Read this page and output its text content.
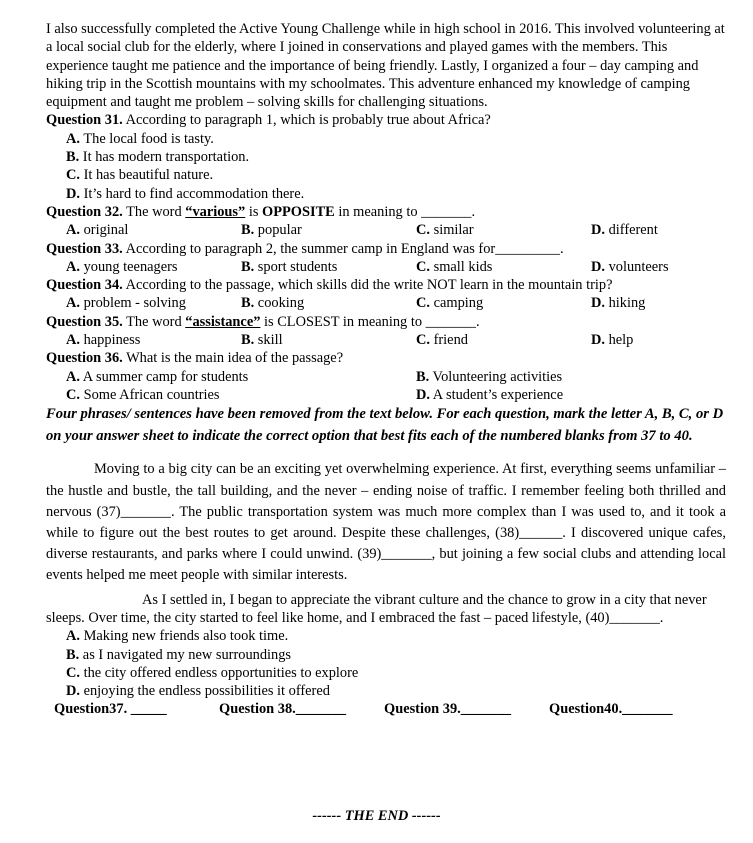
I also successfully completed the Active Young Challenge while in high school in 2016. This involved volunteering at a local social club for the elderly, where I joined in conservations and played games with the members. This experience taught me patience and the importance of being friendly. Lastly, I organized a four – day camping and hiking trip in the Scottish mountains with my schoolmates. This adventure enhanced my knowledge of camping equipment and taught me problem – solving skills for challenging situations.

Question 31. According to paragraph 1, which is probably true about Africa?

A. The local food is tasty.
B. It has modern transportation.
C. It has beautiful nature.
D. It’s hard to find accommodation there.

Question 32. The word “various” is OPPOSITE in meaning to _______.

A. original	B. popular	C. similar	D. different

Question 33. According to paragraph 2, the summer camp in England was for_________.

A. young teenagers	B. sport students	C. small kids	D. volunteers

Question 34. According to the passage, which skills did the write NOT learn in the mountain trip?

A. problem - solving	B. cooking	C. camping	D. hiking

Question 35. The word “assistance” is CLOSEST in meaning to _______.

A. happiness	B. skill	C. friend	D. help

Question 36. What is the main idea of the passage?

A. A summer camp for students	B. Volunteering activities
C. Some African countries	D. A student’s experience

Four phrases/ sentences have been removed from the text below. For each question, mark the letter A, B, C, or D on your answer sheet to indicate the correct option that best fits each of the numbered blanks from 37 to 40.

Moving to a big city can be an exciting yet overwhelming experience. At first, everything seems unfamiliar – the hustle and bustle, the tall building, and the never – ending noise of traffic. I remember feeling both thrilled and nervous (37)_______. The public transportation system was much more complex than I was used to, and it took a while to figure out the best routes to get around. Despite these challenges, (38)______. I discovered unique cafes, diverse restaurants, and parks where I could unwind. (39)_______, but joining a few social clubs and attending local events helped me meet people with similar interests.

As I settled in, I began to appreciate the vibrant culture and the chance to grow in a city that never sleeps. Over time, the city started to feel like home, and I embraced the fast – paced lifestyle, (40)_______.

A. Making new friends also took time.
B. as I navigated my new surroundings
C. the city offered endless opportunities to explore
D. enjoying the endless possibilities it offered
Question37. _____	Question 38._______	Question 39._______	Question40._______
------ THE END ------
